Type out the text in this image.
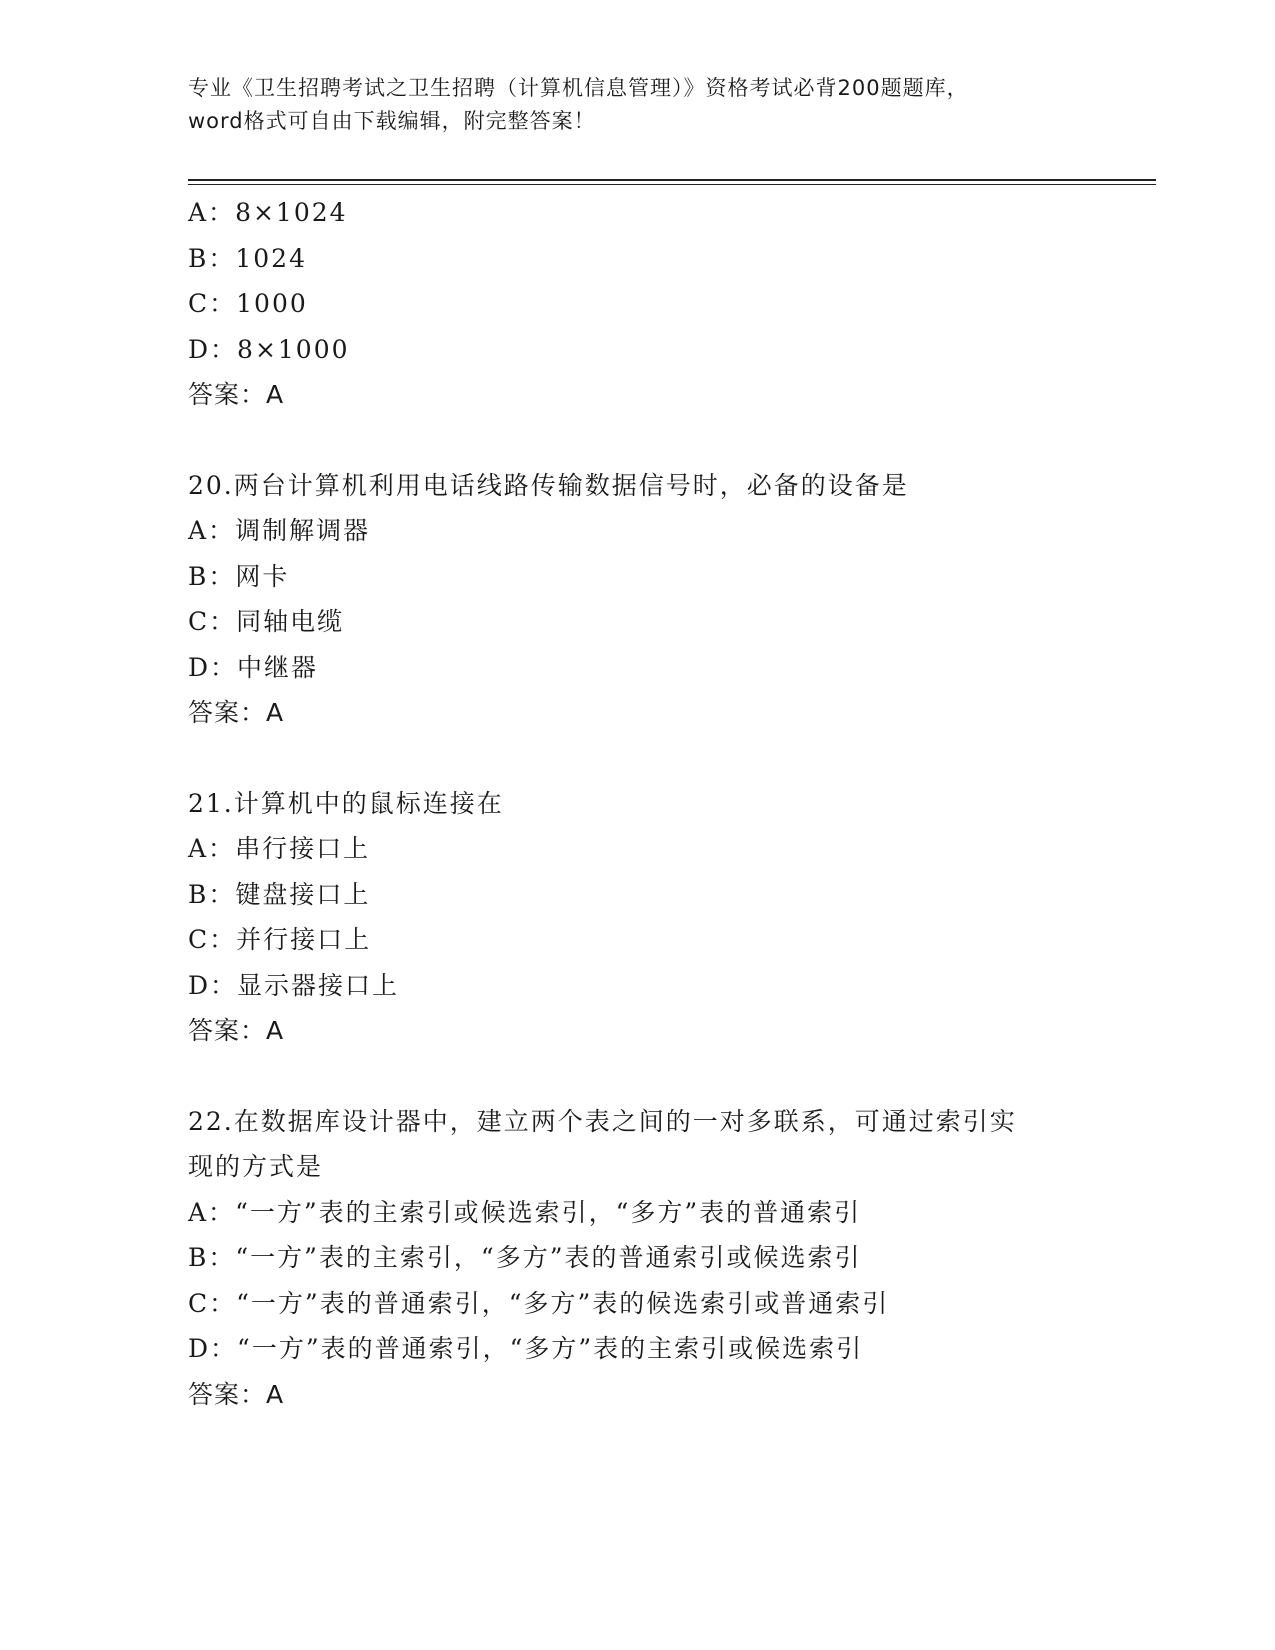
专业《卫生招聘考试之卫生招聘（计算机信息管理）》资格考试必背200题题库，
word格式可自由下载编辑，附完整答案！
A：8×1024
B：1024
C：1000
D：8×1000
答案：A
20.两台计算机利用电话线路传输数据信号时，必备的设备是
A：调制解调器
B：网卡
C：同轴电缆
D：中继器
答案：A
21.计算机中的鼠标连接在
A：串行接口上
B：键盘接口上
C：并行接口上
D：显示器接口上
答案：A
22.在数据库设计器中，建立两个表之间的一对多联系，可通过索引实
现的方式是
A：“一方”表的主索引或候选索引，“多方”表的普通索引
B：“一方”表的主索引，“多方”表的普通索引或候选索引
C：“一方”表的普通索引，“多方”表的候选索引或普通索引
D：“一方”表的普通索引，“多方”表的主索引或候选索引
答案：A
